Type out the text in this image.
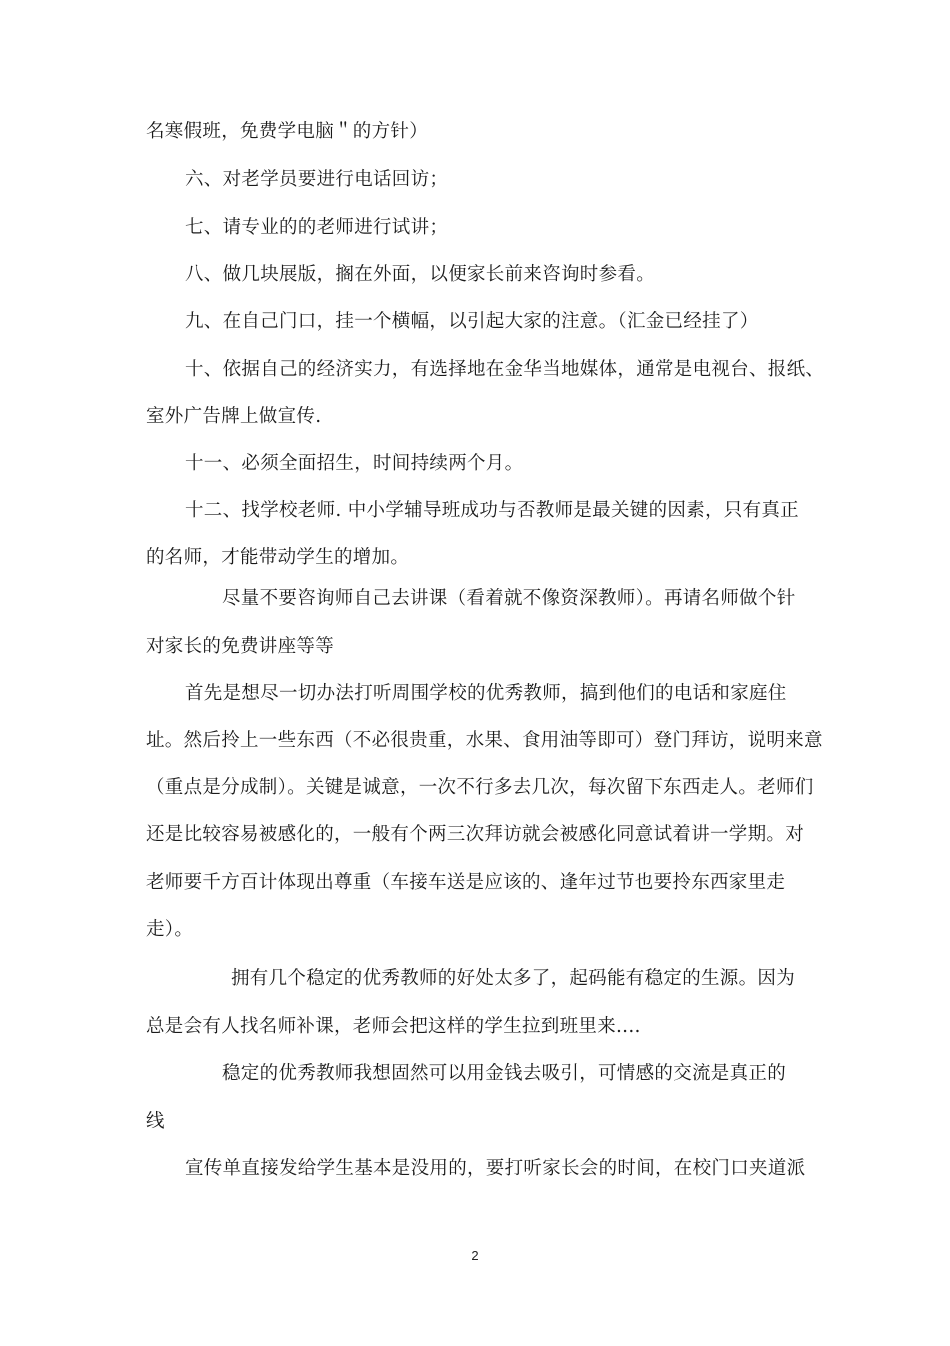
名寒假班，免费学电脑＂的方针）
六、对老学员要进行电话回访；
七、请专业的的老师进行试讲；
八、做几块展版，搁在外面，以便家长前来咨询时参看。
九、在自己门口，挂一个横幅，以引起大家的注意。（汇金已经挂了）
十、依据自己的经济实力，有选择地在金华当地媒体，通常是电视台、报纸、
室外广告牌上做宣传.
十一、必须全面招生，时间持续两个月。
十二、找学校老师. 中小学辅导班成功与否教师是最关键的因素，只有真正
的名师，才能带动学生的增加。
尽量不要咨询师自己去讲课（看着就不像资深教师）。再请名师做个针
对家长的免费讲座等等
首先是想尽一切办法打听周围学校的优秀教师，搞到他们的电话和家庭住
址。然后拎上一些东西（不必很贵重，水果、食用油等即可）登门拜访，说明来意
（重点是分成制）。关键是诚意，一次不行多去几次，每次留下东西走人。老师们
还是比较容易被感化的，一般有个两三次拜访就会被感化同意试着讲一学期。对
老师要千方百计体现出尊重（车接车送是应该的、逢年过节也要拎东西家里走
走）。
拥有几个稳定的优秀教师的好处太多了，起码能有稳定的生源。因为
总是会有人找名师补课，老师会把这样的学生拉到班里来....
稳定的优秀教师我想固然可以用金钱去吸引，可情感的交流是真正的
线
宣传单直接发给学生基本是没用的，要打听家长会的时间，在校门口夹道派
2
